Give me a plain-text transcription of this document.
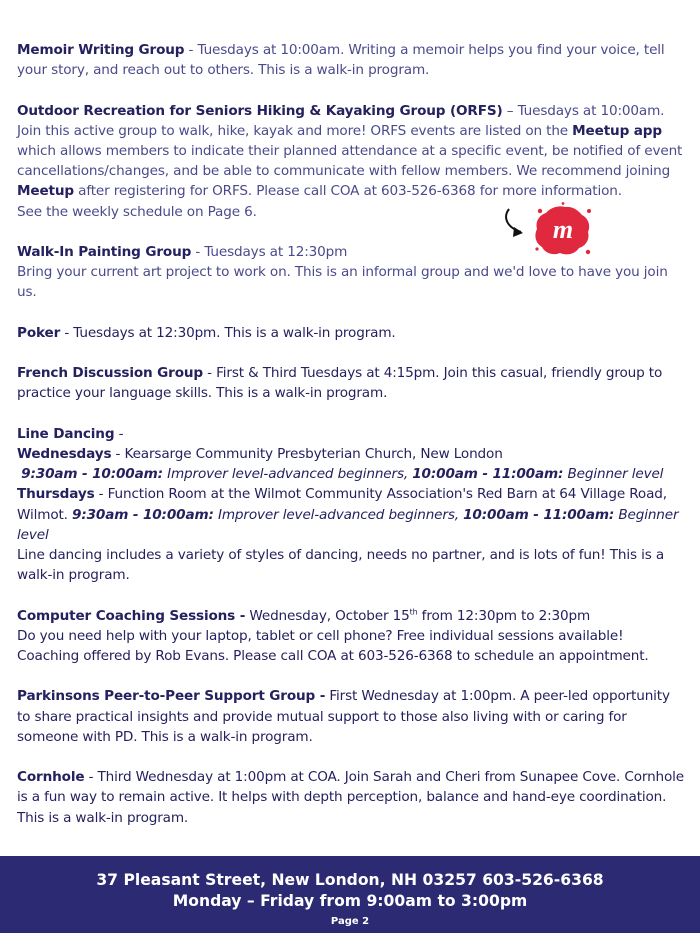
Memoir Writing Group - Tuesdays at 10:00am. Writing a memoir helps you find your voice, tell your story, and reach out to others. This is a walk-in program.

Outdoor Recreation for Seniors Hiking & Kayaking Group (ORFS) – Tuesdays at 10:00am.
Join this active group to walk, hike, kayak and more! ORFS events are listed on the Meetup app which allows members to indicate their planned attendance at a specific event, be notified of event cancellations/changes, and be able to communicate with fellow members. We recommend joining Meetup after registering for ORFS. Please call COA at 603-526-6368 for more information.
See the weekly schedule on Page 6.

Walk-In Painting Group - Tuesdays at 12:30pm
Bring your current art project to work on. This is an informal group and we'd love to have you join us.

Poker - Tuesdays at 12:30pm. This is a walk-in program.

French Discussion Group - First & Third Tuesdays at 4:15pm. Join this casual, friendly group to practice your language skills. This is a walk-in program.

Line Dancing -
Wednesdays - Kearsarge Community Presbyterian Church, New London
9:30am - 10:00am: Improver level-advanced beginners, 10:00am - 11:00am: Beginner level
Thursdays - Function Room at the Wilmot Community Association's Red Barn at 64 Village Road, Wilmot. 9:30am - 10:00am: Improver level-advanced beginners, 10:00am - 11:00am: Beginner level
Line dancing includes a variety of styles of dancing, needs no partner, and is lots of fun! This is a walk-in program.

Computer Coaching Sessions - Wednesday, October 15th from 12:30pm to 2:30pm
Do you need help with your laptop, tablet or cell phone? Free individual sessions available! Coaching offered by Rob Evans. Please call COA at 603-526-6368 to schedule an appointment.

Parkinsons Peer-to-Peer Support Group - First Wednesday at 1:00pm. A peer-led opportunity to share practical insights and provide mutual support to those also living with or caring for someone with PD. This is a walk-in program.

Cornhole - Third Wednesday at 1:00pm at COA. Join Sarah and Cheri from Sunapee Cove. Cornhole is a fun way to remain active. It helps with depth perception, balance and hand-eye coordination. This is a walk-in program.

m
37 Pleasant Street, New London, NH 03257 603-526-6368
Monday – Friday from 9:00am to 3:00pm
Page 2
